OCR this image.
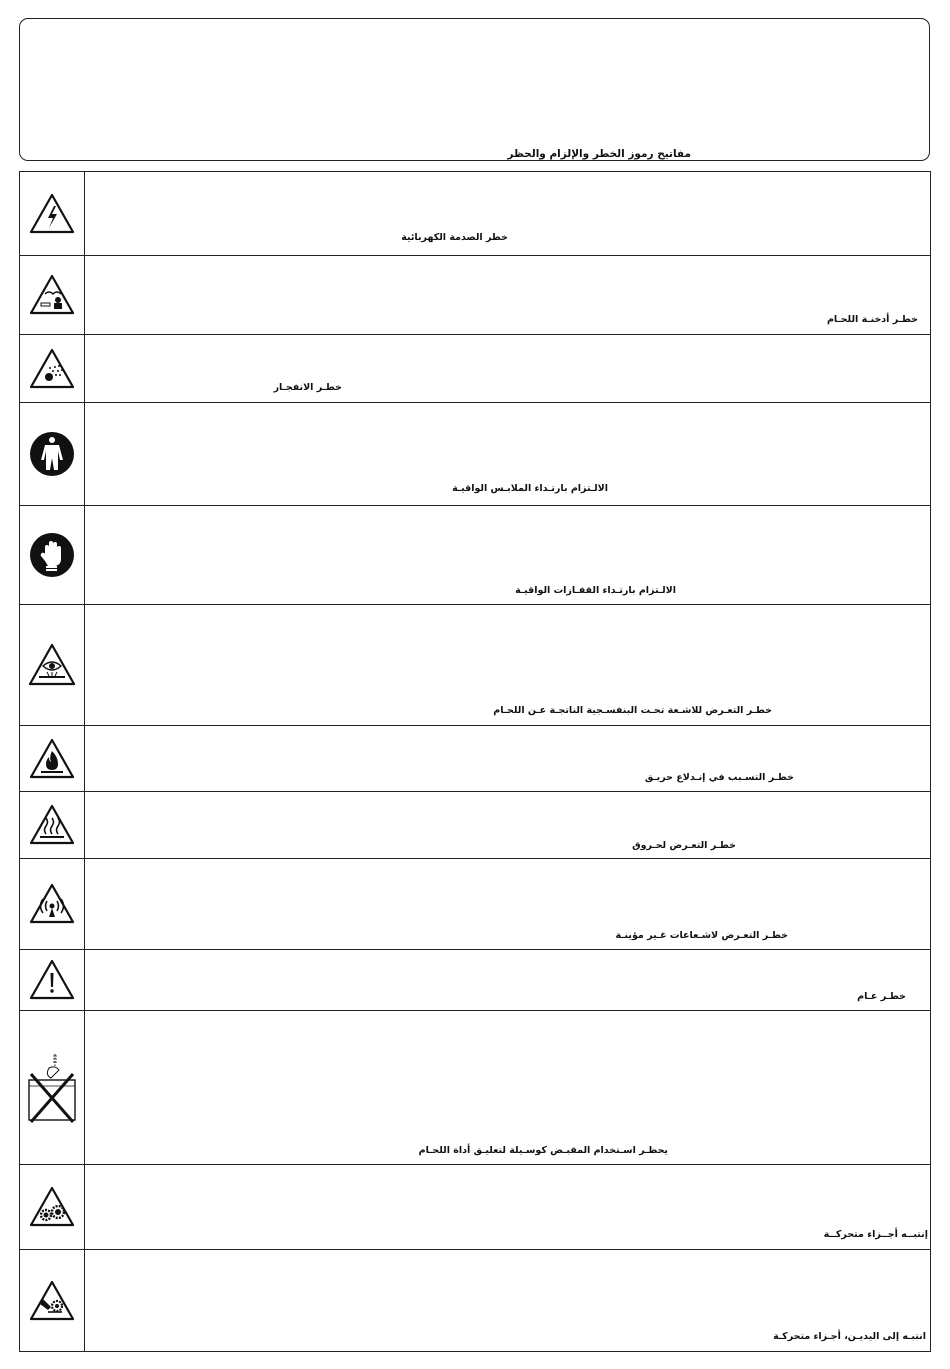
مفاتيح رموز الخطر والإلزام والحظر
خطر الصدمة الكهربائية
خطـر أدخنـة اللحـام
خطـر الانفجـار
الالـتزام بارتـداء الملابـس الواقيـة
الالـتزام بارتـداء القفـازات الواقيـة
خطـر التعـرض للاشـعة تحـت البنفسـجية الناتجـة عـن اللحـام
خطـر التسـبب في إنـدلاع حريـق
خطـر التعـرض لحـروق
خطـر التعـرض لاشـعاعات غـير مؤينـة
خطـر عـام
يحظـر اسـتخدام المقبـض كوسـيلة لتعليـق أداة اللحـام
إنتبــه أجــزاء متحركــة
انتبـه إلى اليديـن، أجـزاء متحركـة
